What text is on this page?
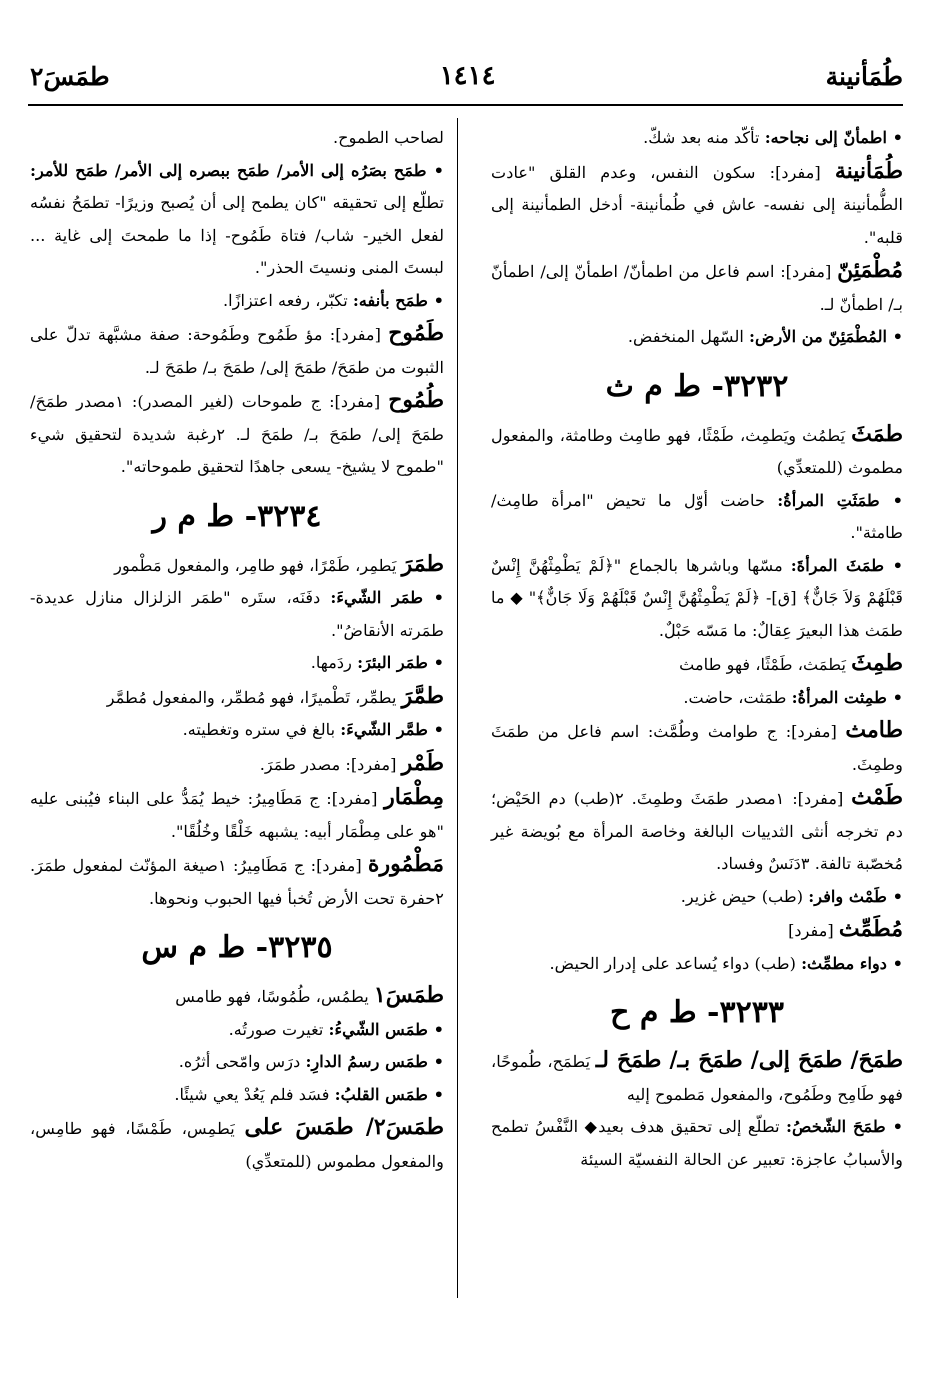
طُمَأنينة
١٤١٤
طمَسَ٢
• اطمأنّ إلى نجاحه: تأكّد منه بعد شكّ.
طُمَأنينة [مفرد]: سكون النفس، وعدم القلق "عادت الطُّمأنينة إلى نفسه- عاش في طُمأنينة- أدخل الطمأنينة إلى قلبه".
مُطْمَئِنّ [مفرد]: اسم فاعل من اطمأنّ/ اطمأنّ إلى/ اطمأنّ بـ/ اطمأنّ لـ.
• المُطْمَئِنّ من الأرض: السّهل المنخفض.
٣٢٣٢- ط م ث
طمَثَ يَطمُث ويَطمِث، طَمْثًا، فهو طامِث وطامثة، والمفعول مطموث (للمتعدِّي)
• طمَثَتِ المرأةُ: حاضت أوّل ما تحيض "امرأة طامِث/ طامثة".
• طمَثَ المرأةَ: مسّها وباشرها بالجماع "﴿لَمْ يَطْمِثْهُنَّ إِنْسٌ قَبْلَهُمْ وَلاَ جَانٌّ﴾ [ق]- ﴿لَمْ يَطْمِثْهُنَّ إِنْسٌ قَبْلَهُمْ وَلَا جَانٌّ﴾" ◆ ما طمَث هذا البعيرَ عِقالٌ: ما مَسّه حَبْلٌ.
طمِثَ يَطمَث، طَمْثًا، فهو طامث
• طمِثت المرأةُ: طمَثت، حاضت.
طامث [مفرد]: ج طوامث وطُمَّث: اسم فاعل من طمَثَ وطمِثَ.
طَمْث [مفرد]: ١مصدر طمَثَ وطمِثَ. ٢(طب) دم الحَيْض؛ دم تخرجه أنثى الثدييات البالغة وخاصة المرأة مع بُويضة غير مُخصّبة تالفة. ٣دَنَسٌ وفساد.
• طَمْث وافر: (طب) حيض غزير.
مُطَمِّث [مفرد]
• دواء مطمِّث: (طب) دواء يُساعد على إدرار الحيض.
٣٢٣٣- ط م ح
طمَحَ/ طمَحَ إلى/ طمَحَ بـ/ طمَحَ لـ يَطمَح، طُموحًا، فهو طَامِح وطَمُوح، والمفعول مَطموح إليه
• طمَحَ الشّخصُ: تطلّع إلى تحقيق هدف بعيد◆ النَّفْسُ تطمح والأسبابُ عاجزة: تعبير عن الحالة النفسيّة السيئة
لصاحب الطموح.
• طمَح بصَرُه إلى الأمر/ طمَح ببصره إلى الأمر/ طمَح للأمر: تطلّع إلى تحقيقه "كان يطمح إلى أن يُصبح وزيرًا- تطمَحُ نفسُه لفعل الخير- شاب/ فتاة طَمُوح- إذا ما طمحتَ إلى غاية ... لبستَ المنى ونسيتَ الحذر".
• طمَح بأنفه: تكبّر، رفعه اعتزازًا.
طَمُوح [مفرد]: مؤ طَمُوح وطَمُوحة: صفة مشبَّهة تدلّ على الثبوت من طمَحَ/ طمَحَ إلى/ طمَحَ بـ/ طمَحَ لـ.
طُمُوح [مفرد]: ج طموحات (لغير المصدر): ١مصدر طمَحَ/ طمَحَ إلى/ طمَحَ بـ/ طمَحَ لـ. ٢رغبة شديدة لتحقيق شيء "طموح لا يشيخ- يسعى جاهدًا لتحقيق طموحاته".
٣٢٣٤- ط م ر
طمَرَ يَطمِر، طَمْرًا، فهو طامِر، والمفعول مَطْمور
• طمَر الشّيءَ: دفَنَه، ستَره "طمَر الزلزال منازل عديدة- طمَرته الأنقاضُ".
• طمَر البئرَ: ردَمها.
طمَّرَ يطمِّر، تَطْميرًا، فهو مُطمِّر، والمفعول مُطمَّر
• طمَّر الشّيءَ: بالغ في ستره وتغطيته.
طَمْر [مفرد]: مصدر طمَرَ.
مِطْمَار [مفرد]: ج مَطَامِيرُ: خيط يُمَدُّ على البناء فيُبنى عليه "هو على مِطْمَار أبيه: يشبهه خَلْقًا وخُلُقًا".
مَطْمُورة [مفرد]: ج مَطَامِيرُ: ١صيغة المؤنّث لمفعول طمَرَ. ٢حفرة تحت الأرض تُخبأ فيها الحبوب ونحوها.
٣٢٣٥- ط م س
طمَسَ١ يطمُس، طُمُوسًا، فهو طامس
• طمَس الشّيءُ: تغيرت صورتُه.
• طمَس رسمُ الدارِ: درَس وامّحى أثرُه.
• طمَس القلبُ: فسَد فلم يَعُدْ يعي شيئًا.
طمَسَ٢/ طمَسَ على يَطمِس، طَمْسًا، فهو طامِس، والمفعول مطموس (للمتعدِّي)
